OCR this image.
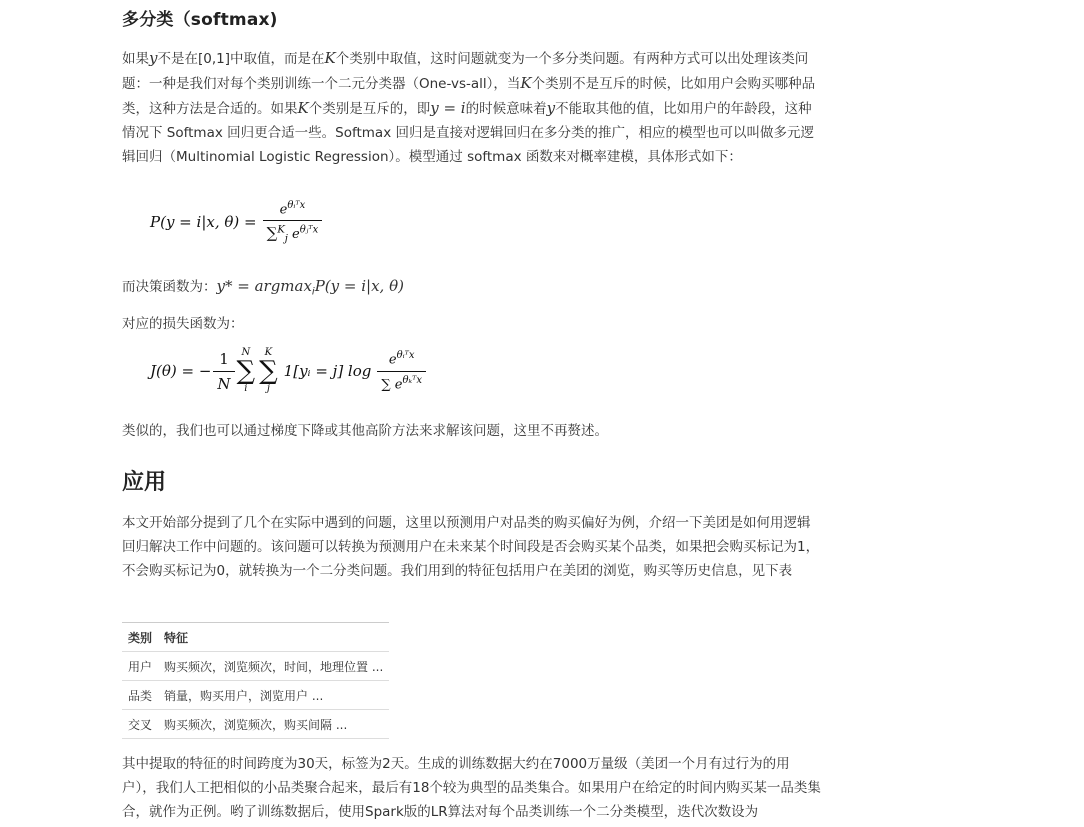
多分类（softmax)

如果y不是在[0,1]中取值，而是在K个类别中取值，这时问题就变为一个多分类问题。有两种方式可以出处理该类问题：一种是我们对每个类别训练一个二元分类器（One-vs-all），当K个类别不是互斥的时候，比如用户会购买哪种品类，这种方法是合适的。如果K个类别是互斥的，即y = i的时候意味着y不能取其他的值，比如用户的年龄段，这种情况下 Softmax 回归更合适一些。Softmax 回归是直接对逻辑回归在多分类的推广，相应的模型也可以叫做多元逻辑回归（Multinomial Logistic Regression）。模型通过 softmax 函数来对概率建模，具体形式如下：

P(y = i|x, $\theta) = \frac{e^{\theta ᵢᵀx}}{\sum^K_j e^{\theta ⱼᵀx}}$

而决策函数为：y* = argmax$_i$P(y = i|x, θ)

对应的损失函数为：

J(θ) = − $\frac{1}{N}$ N
∑
i
K
∑
j
1[yᵢ = j] $\log \frac{e^{\theta ᵢᵀx}}{\sum e^{\theta_kᵀx}}$

类似的，我们也可以通过梯度下降或其他高阶方法来求解该问题，这里不再赘述。

应用

本文开始部分提到了几个在实际中遇到的问题，这里以预测用户对品类的购买偏好为例，介绍一下美团是如何用逻辑回归解决工作中问题的。该问题可以转换为预测用户在未来某个时间段是否会购买某个品类，如果把会购买标记为1，不会购买标记为0，就转换为一个二分类问题。我们用到的特征包括用户在美团的浏览，购买等历史信息，见下表

类别	特征
用户	购买频次，浏览频次，时间，地理位置 ...
品类	销量，购买用户，浏览用户 ...
交叉	购买频次，浏览频次，购买间隔 ...

其中提取的特征的时间跨度为30天，标签为2天。生成的训练数据大约在7000万量级（美团一个月有过行为的用户），我们人工把相似的小品类聚合起来，最后有18个较为典型的品类集合。如果用户在给定的时间内购买某一品类集合，就作为正例。哟了训练数据后，使用Spark版的LR算法对每个品类训练一个二分类模型，迭代次数设为
